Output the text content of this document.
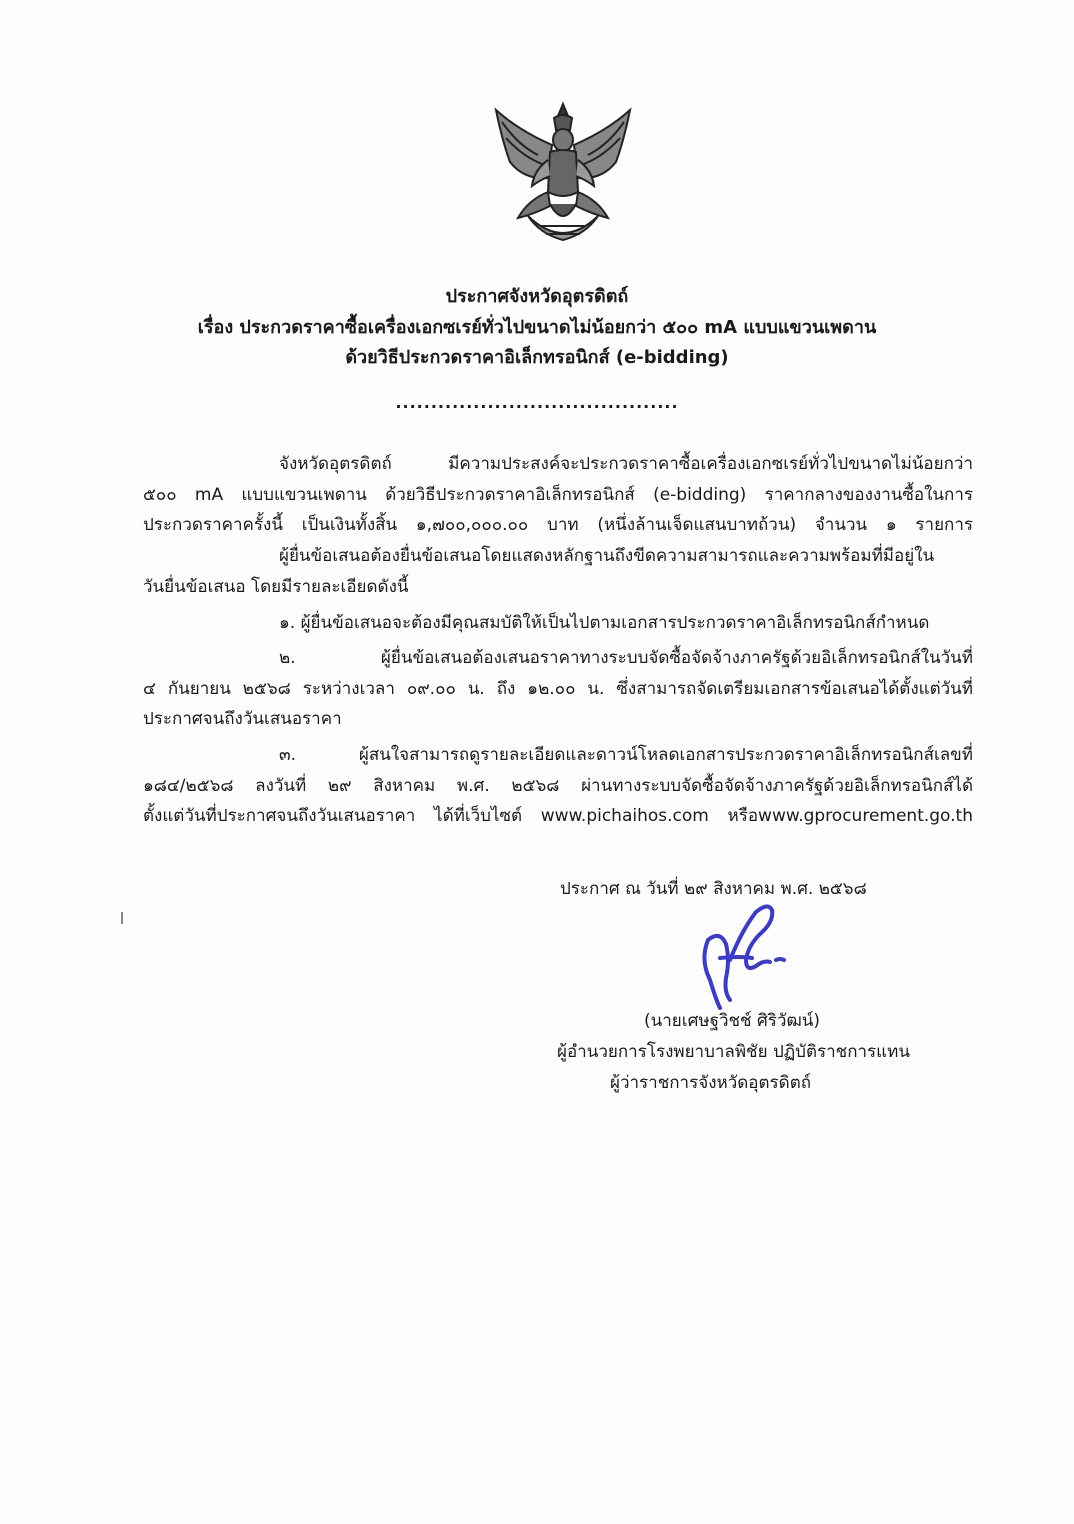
ประกาศจังหวัดอุตรดิตถ์
เรื่อง ประกวดราคาซื้อเครื่องเอกซเรย์ทั่วไปขนาดไม่น้อยกว่า ๕๐๐ mA แบบแขวนเพดาน
ด้วยวิธีประกวดราคาอิเล็กทรอนิกส์ (e-bidding)
........................................
จังหวัดอุตรดิตถ์ มีความประสงค์จะประกวดราคาซื้อเครื่องเอกซเรย์ทั่วไปขนาดไม่น้อยกว่า
๕๐๐ mA แบบแขวนเพดาน ด้วยวิธีประกวดราคาอิเล็กทรอนิกส์ (e-bidding) ราคากลางของงานซื้อในการ
ประกวดราคาครั้งนี้ เป็นเงินทั้งสิ้น ๑,๗๐๐,๐๐๐.๐๐ บาท (หนึ่งล้านเจ็ดแสนบาทถ้วน) จำนวน ๑ รายการ
ผู้ยื่นข้อเสนอต้องยื่นข้อเสนอโดยแสดงหลักฐานถึงขีดความสามารถและความพร้อมที่มีอยู่ใน
วันยื่นข้อเสนอ โดยมีรายละเอียดดังนี้
๑. ผู้ยื่นข้อเสนอจะต้องมีคุณสมบัติให้เป็นไปตามเอกสารประกวดราคาอิเล็กทรอนิกส์กำหนด
๒. ผู้ยื่นข้อเสนอต้องเสนอราคาทางระบบจัดซื้อจัดจ้างภาครัฐด้วยอิเล็กทรอนิกส์ในวันที่
๔ กันยายน ๒๕๖๘ ระหว่างเวลา ๐๙.๐๐ น. ถึง ๑๒.๐๐ น. ซึ่งสามารถจัดเตรียมเอกสารข้อเสนอได้ตั้งแต่วันที่
ประกาศจนถึงวันเสนอราคา
๓. ผู้สนใจสามารถดูรายละเอียดและดาวน์โหลดเอกสารประกวดราคาอิเล็กทรอนิกส์เลขที่
๑๘๔/๒๕๖๘ ลงวันที่ ๒๙ สิงหาคม พ.ศ. ๒๕๖๘ ผ่านทางระบบจัดซื้อจัดจ้างภาครัฐด้วยอิเล็กทรอนิกส์ได้
ตั้งแต่วันที่ประกาศจนถึงวันเสนอราคา ได้ที่เว็บไซต์ www.pichaihos.com หรือwww.gprocurement.go.th
ประกาศ ณ วันที่ ๒๙ สิงหาคม พ.ศ. ๒๕๖๘
(นายเศษฐวิชช์ ศิริวัฒน์)
ผู้อำนวยการโรงพยาบาลพิชัย ปฏิบัติราชการแทน
ผู้ว่าราชการจังหวัดอุตรดิตถ์
